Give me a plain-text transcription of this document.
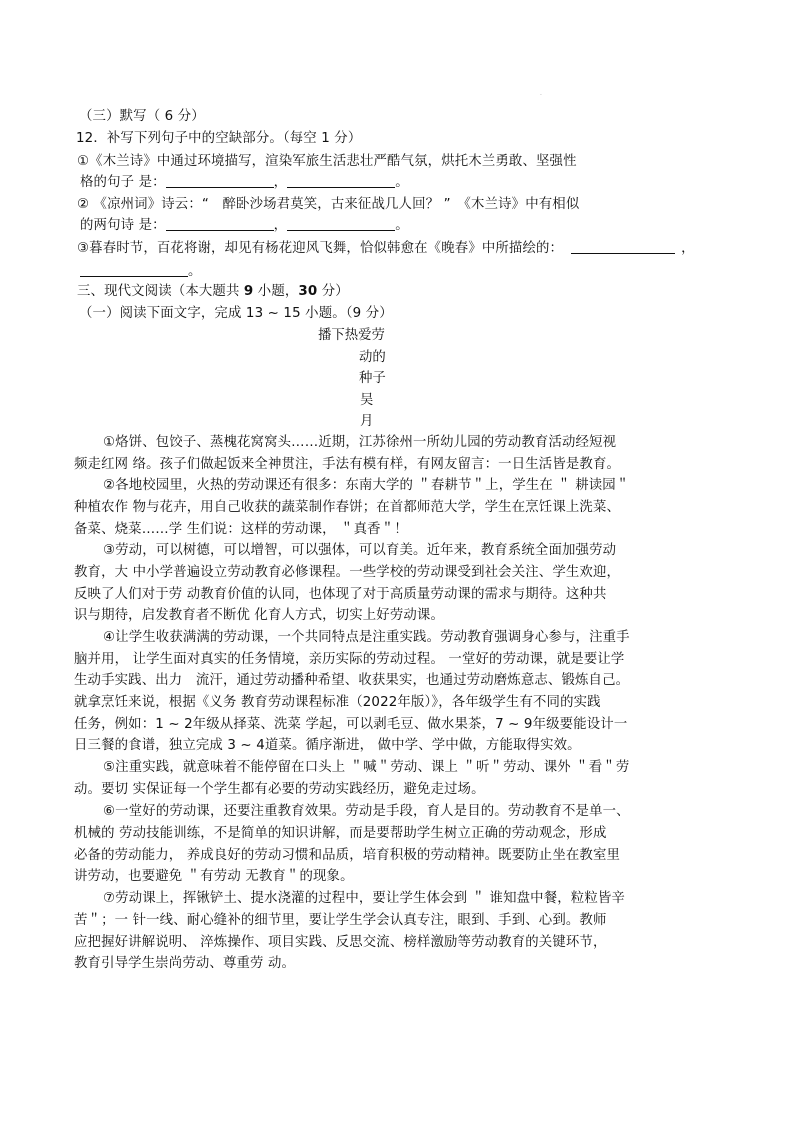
·
（三）默写（ 6 分）
12．补写下列句子中的空缺部分。（每空 1 分）
①《木兰诗》中通过环境描写，渲染军旅生活悲壮严酷气氛，烘托木兰勇敢、坚强性
格的句子 是：	，	。
② 《凉州词》诗云：“　醉卧沙场君莫笑，古来征战几人回？ ”　《木兰诗》中有相似
的两句诗 是：	，	。
③暮春时节，百花将谢，却见有杨花迎风飞舞，恰似韩愈在《晚春》中所描绘的：	，
。
三、现代文阅读（本大题共 9 小题，30 分）
（一）阅读下面文字，完成 13 ~ 15 小题。（9 分）
播下热爱劳
动的
种子
吴
月
①烙饼、包饺子、蒸槐花窝窝头……近期，江苏徐州一所幼儿园的劳动教育活动经短视
频走红网 络。孩子们做起饭来全神贯注，手法有模有样，有网友留言：一日生活皆是教育。
②各地校园里，火热的劳动课还有很多：东南大学的 ＂春耕节＂上，学生在 ＂ 耕读园＂
种植农作 物与花卉，用自己收获的蔬菜制作春饼；在首都师范大学，学生在烹饪课上洗菜、
备菜、烧菜……学 生们说：这样的劳动课， ＂真香＂！
③劳动，可以树德，可以增智，可以强体，可以育美。近年来，教育系统全面加强劳动
教育，大 中小学普遍设立劳动教育必修课程。一些学校的劳动课受到社会关注、学生欢迎，
反映了人们对于劳 动教育价值的认同，也体现了对于高质量劳动课的需求与期待。这种共
识与期待，启发教育者不断优 化育人方式，切实上好劳动课。
④让学生收获满满的劳动课，一个共同特点是注重实践。劳动教育强调身心参与，注重手
脑并用， 让学生面对真实的任务情境，亲历实际的劳动过程。 一堂好的劳动课，就是要让学
生动手实践、出力　流汗，通过劳动播种希望、收获果实，也通过劳动磨炼意志、锻炼自己。
就拿烹饪来说，根据《义务 教育劳动课程标准（2022年版）》，各年级学生有不同的实践
任务，例如：1 ~ 2年级从择菜、洗菜 学起，可以剥毛豆、做水果茶，7 ~ 9年级要能设计一
日三餐的食谱，独立完成 3 ~ 4道菜。循序渐进， 做中学、学中做，方能取得实效。
⑤注重实践，就意味着不能停留在口头上 ＂喊＂劳动、课上 ＂听＂劳动、课外 ＂看＂劳
动。要切 实保证每一个学生都有必要的劳动实践经历，避免走过场。
⑥一堂好的劳动课，还要注重教育效果。劳动是手段，育人是目的。劳动教育不是单一、
机械的 劳动技能训练，不是简单的知识讲解，而是要帮助学生树立正确的劳动观念，形成
必备的劳动能力， 养成良好的劳动习惯和品质，培育积极的劳动精神。既要防止坐在教室里
讲劳动，也要避免 ＂有劳动 无教育＂的现象。
⑦劳动课上，挥锹铲土、提水浇灌的过程中，要让学生体会到 ＂ 谁知盘中餐，粒粒皆辛
苦＂；一 针一线、耐心缝补的细节里，要让学生学会认真专注，眼到、手到、心到。教师
应把握好讲解说明、 淬炼操作、项目实践、反思交流、榜样激励等劳动教育的关键环节，
教育引导学生崇尚劳动、尊重劳 动。
